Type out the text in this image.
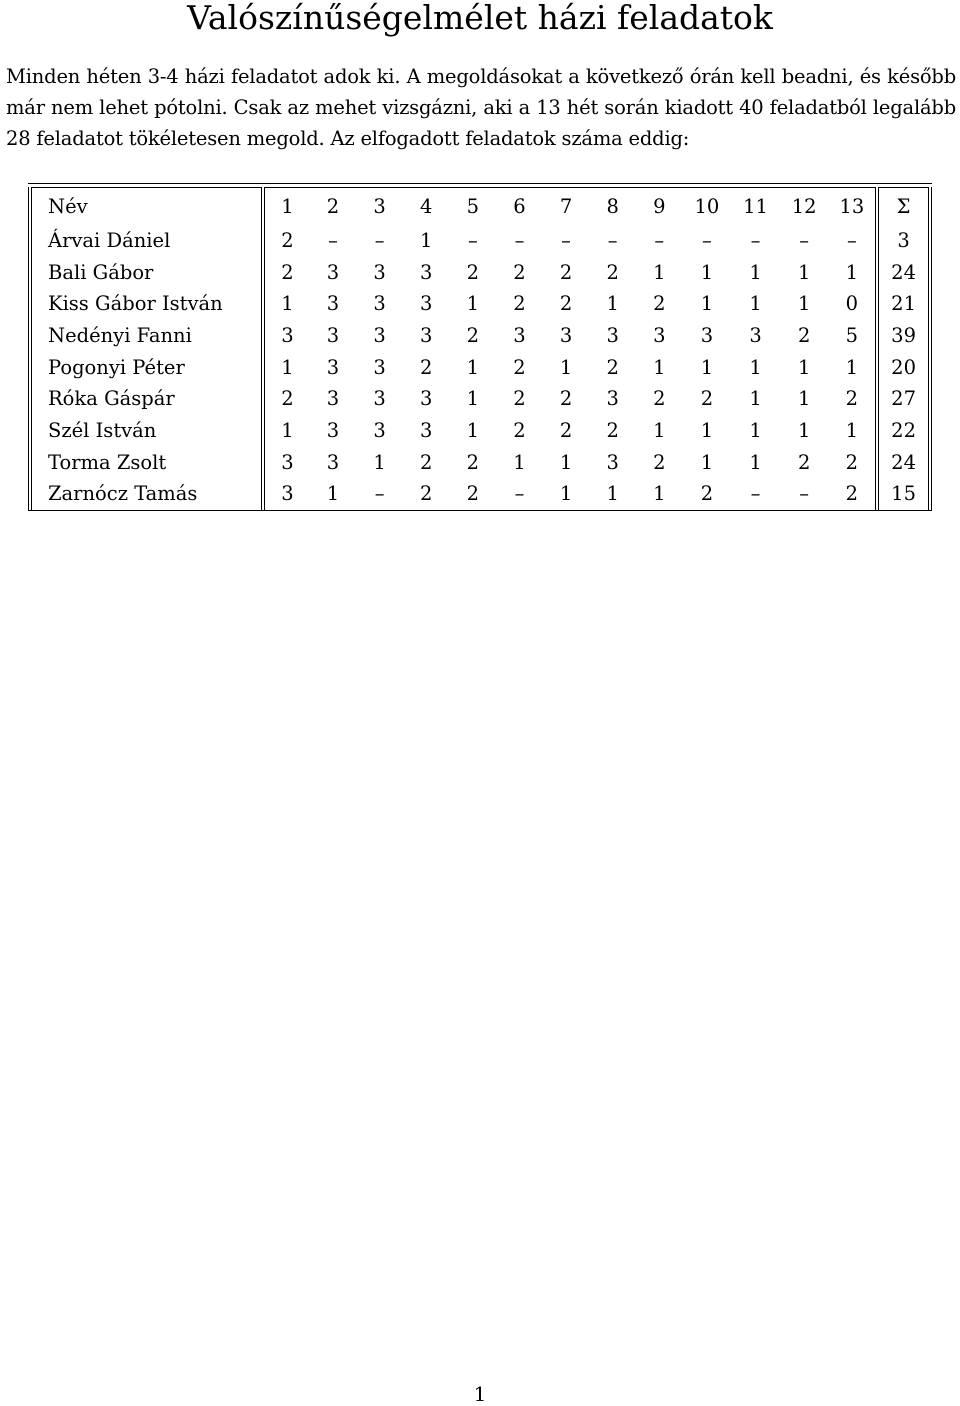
Valószínűségelmélet házi feladatok
Minden héten 3-4 házi feladatot adok ki. A megoldásokat a következő órán kell beadni, és később már nem lehet pótolni. Csak az mehet vizsgázni, aki a 13 hét során kiadott 40 feladatból legalább 28 feladatot tökéletesen megold. Az elfogadott feladatok száma eddig:
Név	1	2	3	4	5	6	7	8	9	10	11	12	13	Σ
Árvai Dániel	2	–	–	1	–	–	–	–	–	–	–	–	–	3
Bali Gábor	2	3	3	3	2	2	2	2	1	1	1	1	1	24
Kiss Gábor István	1	3	3	3	1	2	2	1	2	1	1	1	0	21
Nedényi Fanni	3	3	3	3	2	3	3	3	3	3	3	2	5	39
Pogonyi Péter	1	3	3	2	1	2	1	2	1	1	1	1	1	20
Róka Gáspár	2	3	3	3	1	2	2	3	2	2	1	1	2	27
Szél István	1	3	3	3	1	2	2	2	1	1	1	1	1	22
Torma Zsolt	3	3	1	2	2	1	1	3	2	1	1	2	2	24
Zarnócz Tamás	3	1	–	2	2	–	1	1	1	2	–	–	2	15
1
